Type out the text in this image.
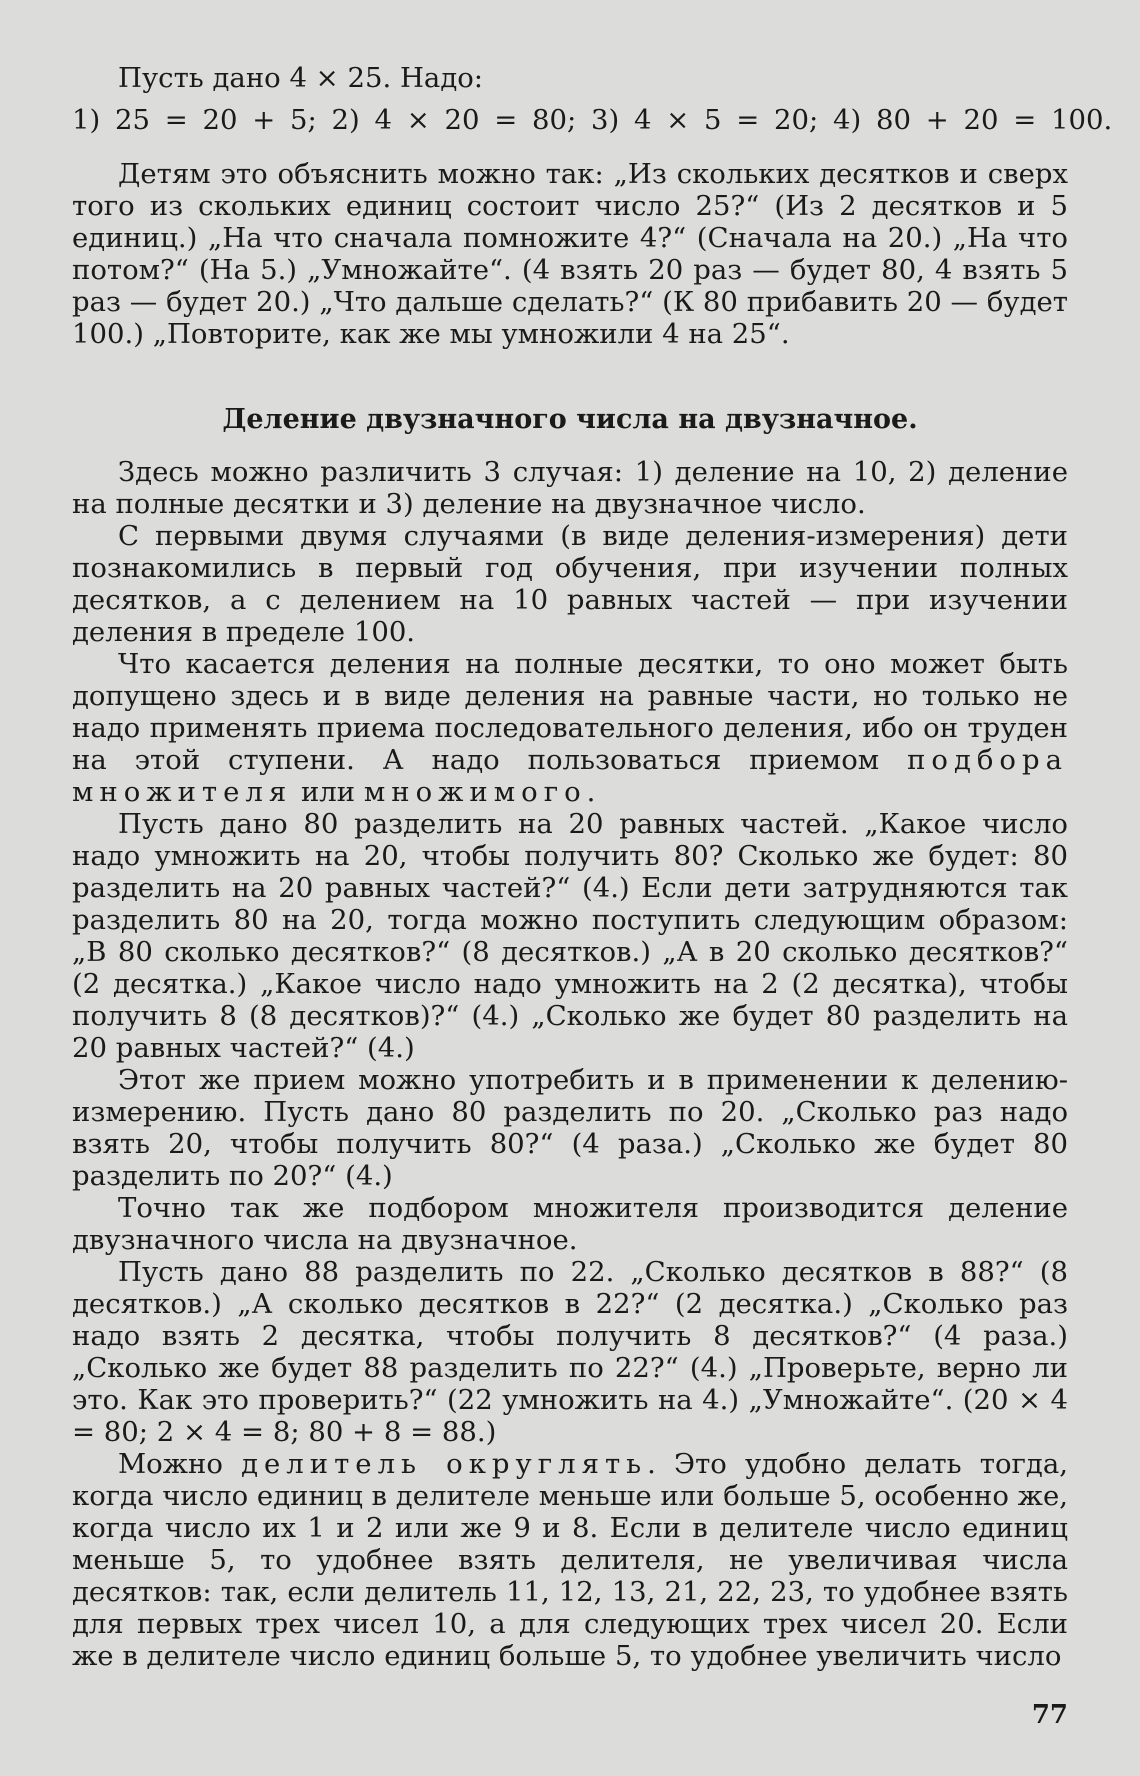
Пусть дано 4 × 25. Надо:

1) 25 = 20 + 5; 2) 4 × 20 = 80; 3) 4 × 5 = 20; 4) 80 + 20 = 100.

Детям это объяснить можно так: „Из скольких десятков и сверх того из скольких единиц состоит число 25?“ (Из 2 десятков и 5 единиц.) „На что сначала помножите 4?“ (Сначала на 20.) „На что потом?“ (На 5.) „Умножайте“. (4 взять 20 раз — будет 80, 4 взять 5 раз — будет 20.) „Что дальше сделать?“ (К 80 прибавить 20 — будет 100.) „Повторите, как же мы умножили 4 на 25“.

Деление двузначного числа на двузначное.

Здесь можно различить 3 случая: 1) деление на 10, 2) деление на полные десятки и 3) деление на двузначное число.

С первыми двумя случаями (в виде деления-измерения) дети познакомились в первый год обучения, при изучении полных десятков, а с делением на 10 равных частей — при изучении деления в пределе 100.

Что касается деления на полные десятки, то оно может быть допущено здесь и в виде деления на равные части, но только не надо применять приема последовательного деления, ибо он труден на этой ступени. А надо пользоваться приемом подбора множителя или множимого.

Пусть дано 80 разделить на 20 равных частей. „Какое число надо умножить на 20, чтобы получить 80? Сколько же будет: 80 разделить на 20 равных частей?“ (4.) Если дети затрудняются так разделить 80 на 20, тогда можно поступить следующим образом: „В 80 сколько десятков?“ (8 десятков.) „А в 20 сколько десятков?“ (2 десятка.) „Какое число надо умножить на 2 (2 десятка), чтобы получить 8 (8 десятков)?“ (4.) „Сколько же будет 80 разделить на 20 равных частей?“ (4.)

Этот же прием можно употребить и в применении к делению-измерению. Пусть дано 80 разделить по 20. „Сколько раз надо взять 20, чтобы получить 80?“ (4 раза.) „Сколько же будет 80 разделить по 20?“ (4.)

Точно так же подбором множителя производится деление двузначного числа на двузначное.

Пусть дано 88 разделить по 22. „Сколько десятков в 88?“ (8 десятков.) „А сколько десятков в 22?“ (2 десятка.) „Сколько раз надо взять 2 десятка, чтобы получить 8 десятков?“ (4 раза.) „Сколько же будет 88 разделить по 22?“ (4.) „Проверьте, верно ли это. Как это проверить?“ (22 умножить на 4.) „Умножайте“. (20 × 4 = 80; 2 × 4 = 8; 80 + 8 = 88.)

Можно делитель округлять. Это удобно делать тогда, когда число единиц в делителе меньше или больше 5, особенно же, когда число их 1 и 2 или же 9 и 8. Если в делителе число единиц меньше 5, то удобнее взять делителя, не увеличивая числа десятков: так, если делитель 11, 12, 13, 21, 22, 23, то удобнее взять для первых трех чисел 10, а для следующих трех чисел 20. Если же в делителе число единиц больше 5, то удобнее увеличить число

77
